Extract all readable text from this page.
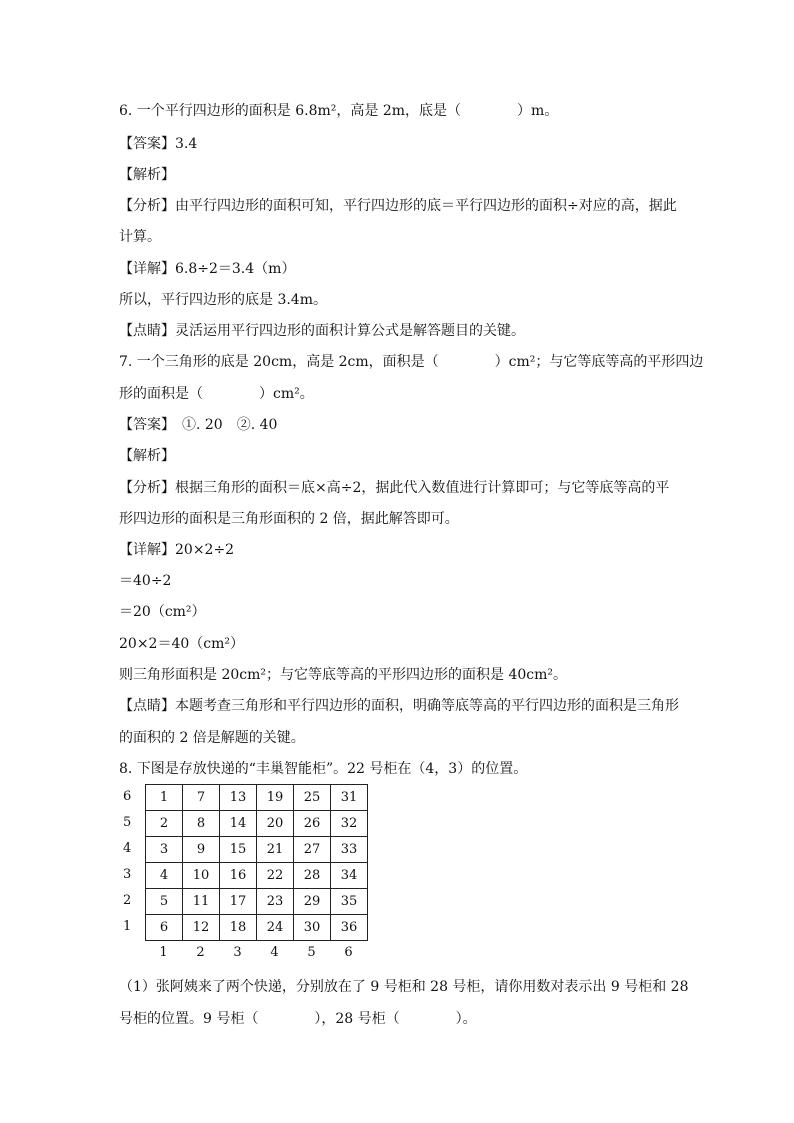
6. 一个平行四边形的面积是 6.8m²，高是 2m，底是（　　　　）m。
【答案】3.4
【解析】
【分析】由平行四边形的面积可知，平行四边形的底＝平行四边形的面积÷对应的高，据此
计算。
【详解】6.8÷2＝3.4（m）
所以，平行四边形的底是 3.4m。
【点睛】灵活运用平行四边形的面积计算公式是解答题目的关键。
7. 一个三角形的底是 20cm，高是 2cm，面积是（　　　　）cm²；与它等底等高的平形四边
形的面积是（　　　　）cm²。
【答案】　①. 20　②. 40
【解析】
【分析】根据三角形的面积＝底×高÷2，据此代入数值进行计算即可；与它等底等高的平
形四边形的面积是三角形面积的 2 倍，据此解答即可。
【详解】20×2÷2
＝40÷2
＝20（cm²）
20×2＝40（cm²）
则三角形面积是 20cm²；与它等底等高的平形四边形的面积是 40cm²。
【点睛】本题考查三角形和平行四边形的面积，明确等底等高的平行四边形的面积是三角形
的面积的 2 倍是解题的关键。
8. 下图是存放快递的“丰巢智能柜”。22 号柜在（4，3）的位置。
6
5
4
3
2
1
1	7	13	19	25	31
2	8	14	20	26	32
3	9	15	21	27	33
4	10	16	22	28	34
5	11	17	23	29	35
6	12	18	24	30	36
1	2	3	4	5	6
（1）张阿姨来了两个快递，分别放在了 9 号柜和 28 号柜，请你用数对表示出 9 号柜和 28
号柜的位置。9 号柜（　　　　），28 号柜（　　　　）。
